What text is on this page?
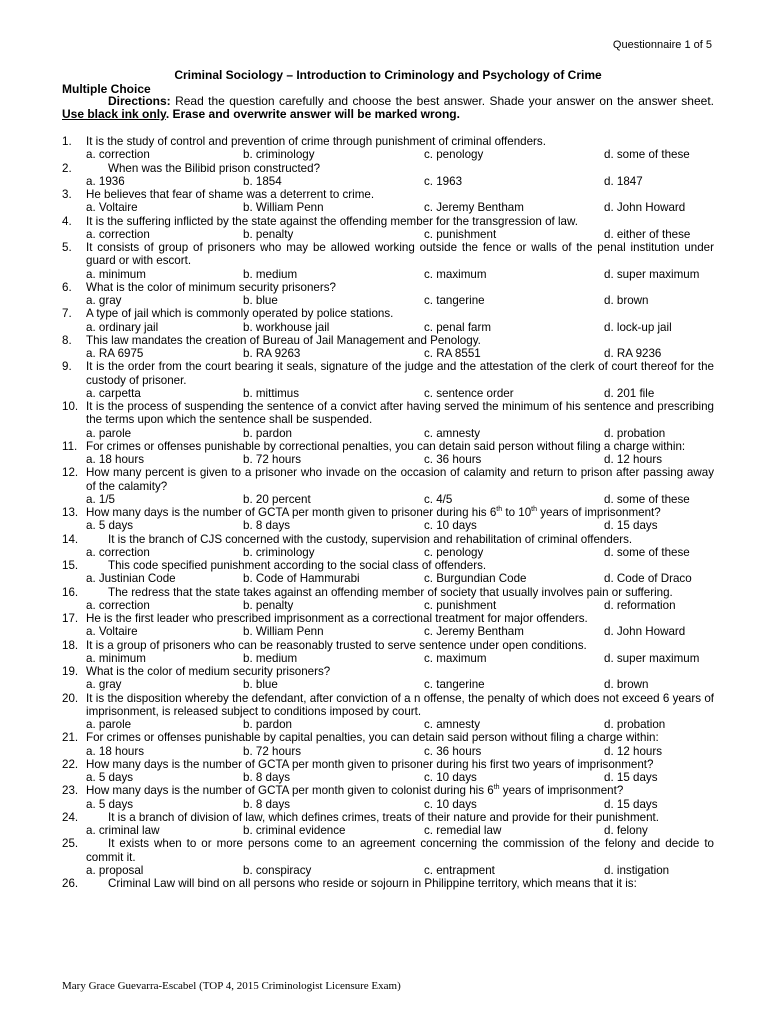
Questionnaire 1 of 5
Criminal Sociology – Introduction to Criminology and Psychology of Crime
Multiple Choice
Directions: Read the question carefully and choose the best answer. Shade your answer on the answer sheet. Use black ink only. Erase and overwrite answer will be marked wrong.
1.	It is the study of control and prevention of crime through punishment of criminal offenders.
a. correction	b. criminology	c. penology	d. some of these
2.	When was the Bilibid prison constructed?
a. 1936	b. 1854	c. 1963	d. 1847
3.	He believes that fear of shame was a deterrent to crime.
a. Voltaire	b. William Penn	c. Jeremy Bentham	d. John Howard
4.	It is the suffering inflicted by the state against the offending member for the transgression of law.
a. correction	b. penalty	c. punishment	d. either of these
5.	It consists of group of prisoners who may be allowed working outside the fence or walls of the penal institution under guard or with escort.
a. minimum	b. medium	c. maximum	d. super maximum
6.	What is the color of minimum security prisoners?
a. gray	b. blue	c. tangerine	d. brown
7.	A type of jail which is commonly operated by police stations.
a. ordinary jail	b. workhouse jail	c. penal farm	d. lock-up jail
8.	This law mandates the creation of Bureau of Jail Management and Penology.
a. RA 6975	b. RA 9263	c. RA 8551	d. RA 9236
9.	It is the order from the court bearing it seals, signature of the judge and the attestation of the clerk of court thereof for the custody of prisoner.
a. carpetta	b. mittimus	c. sentence order	d. 201 file
10. It is the process of suspending the sentence of a convict after having served the minimum of his sentence and prescribing the terms upon which the sentence shall be suspended.
a. parole	b. pardon	c. amnesty	d. probation
11. For crimes or offenses punishable by correctional penalties, you can detain said person without filing a charge within:
a. 18 hours	b. 72 hours	c. 36 hours	d. 12 hours
12. How many percent is given to a prisoner who invade on the occasion of calamity and return to prison after passing away of the calamity?
a. 1/5	b. 20 percent	c. 4/5	d. some of these
13. How many days is the number of GCTA per month given to prisoner during his 6th to 10th years of imprisonment?
a. 5 days	b. 8 days	c. 10 days	d. 15 days
14.	It is the branch of CJS concerned with the custody, supervision and rehabilitation of criminal offenders.
a. correction	b. criminology	c. penology	d. some of these
15.	This code specified punishment according to the social class of offenders.
a. Justinian Code	b. Code of Hammurabi	c. Burgundian Code	d. Code of Draco
16.	The redress that the state takes against an offending member of society that usually involves pain or suffering.
a. correction	b. penalty	c. punishment	d. reformation
17. He is the first leader who prescribed imprisonment as a correctional treatment for major offenders.
a. Voltaire	b. William Penn	c. Jeremy Bentham	d. John Howard
18. It is a group of prisoners who can be reasonably trusted to serve sentence under open conditions.
a. minimum	b. medium	c. maximum	d. super maximum
19. What is the color of medium security prisoners?
a. gray	b. blue	c. tangerine	d. brown
20. It is the disposition whereby the defendant, after conviction of a n offense, the penalty of which does not exceed 6 years of imprisonment, is released subject to conditions imposed by court.
a. parole	b. pardon	c. amnesty	d. probation
21. For crimes or offenses punishable by capital penalties, you can detain said person without filing a charge within:
a. 18 hours	b. 72 hours	c. 36 hours	d. 12 hours
22. How many days is the number of GCTA per month given to prisoner during his first two years of imprisonment?
a. 5 days	b. 8 days	c. 10 days	d. 15 days
23. How many days is the number of GCTA per month given to colonist during his 6th years of imprisonment?
a. 5 days	b. 8 days	c. 10 days	d. 15 days
24.	It is a branch of division of law, which defines crimes, treats of their nature and provide for their punishment.
a. criminal law	b. criminal evidence	c. remedial law	d. felony
25.	It exists when to or more persons come to an agreement concerning the commission of the felony and decide to commit it.
a. proposal	b. conspiracy	c. entrapment	d. instigation
26.	Criminal Law will bind on all persons who reside or sojourn in Philippine territory, which means that it is:
Mary Grace Guevarra-Escabel (TOP 4, 2015 Criminologist Licensure Exam)
